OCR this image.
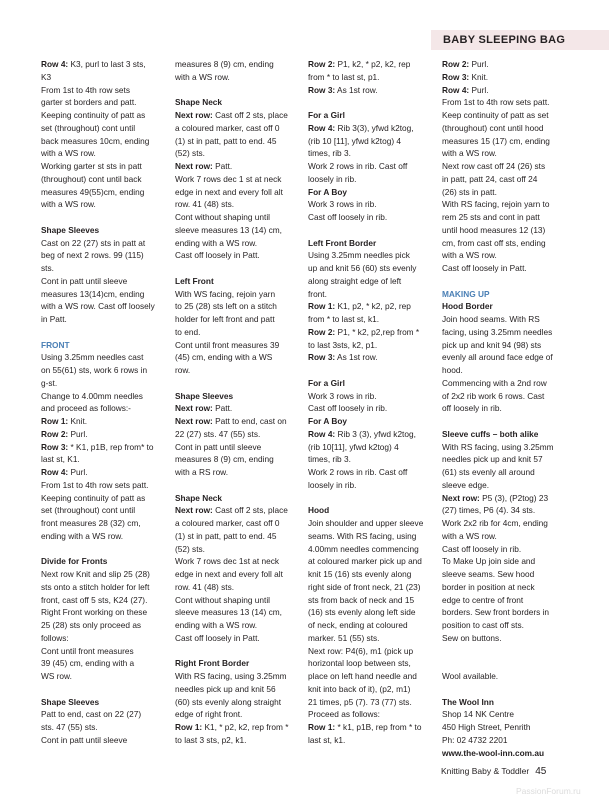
BABY SLEEPING BAG
Row 4: K3, purl to last 3 sts,
K3
From 1st to 4th row sets
garter st borders and patt.
Keeping continuity of patt as
set (throughout) cont until
back measures 10cm, ending
with a WS row.
Working garter st sts in patt
(throughout) cont until back
measures 49(55)cm, ending
with a WS row.
Shape Sleeves
Cast on 22 (27) sts in patt at
beg of next 2 rows. 99 (115)
sts.
Cont in patt until sleeve
measures 13(14)cm, ending
with a WS row. Cast off loosely
in Patt.
FRONT
Using 3.25mm needles cast
on 55(61) sts, work 6 rows in
g-st.
Change to 4.00mm needles
and proceed as follows:-
Row 1: Knit.
Row 2: Purl.
Row 3: * K1, p1B, rep from* to
last st, K1.
Row 4: Purl.
From 1st to 4th row sets patt.
Keeping continuity of patt as
set (throughout) cont until
front measures 28 (32) cm,
ending with a WS row.
Divide for Fronts
Next row Knit and slip 25 (28)
sts onto a stitch holder for left
front, cast off 5 sts, K24 (27).
Right Front working on these
25 (28) sts only proceed as
follows:
Cont until front measures
39 (45) cm, ending with a
WS row.
Shape Sleeves
Patt to end, cast on 22 (27)
sts. 47 (55) sts.
Cont in patt until sleeve
measures 8 (9) cm, ending
with a WS row.
Shape Neck
Next row: Cast off 2 sts, place
a coloured marker, cast off 0
(1) st in patt, patt to end. 45
(52) sts.
Next row: Patt.
Work 7 rows dec 1 st at neck
edge in next and every foll alt
row. 41 (48) sts.
Cont without shaping until
sleeve measures 13 (14) cm,
ending with a WS row.
Cast off loosely in Patt.
Left Front
With WS facing, rejoin yarn
to 25 (28) sts left on a stitch
holder for left front and patt
to end.
Cont until front measures 39
(45) cm, ending with a WS
row.
Shape Sleeves
Next row: Patt.
Next row: Patt to end, cast on
22 (27) sts. 47 (55) sts.
Cont in patt until sleeve
measures 8 (9) cm, ending
with a RS row.
Shape Neck
Next row: Cast off 2 sts, place
a coloured marker, cast off 0
(1) st in patt, patt to end. 45
(52) sts.
Work 7 rows dec 1st at neck
edge in next and every foll alt
row. 41 (48) sts.
Cont without shaping until
sleeve measures 13 (14) cm,
ending with a WS row.
Cast off loosely in Patt.
Right Front Border
With RS facing, using 3.25mm
needles pick up and knit 56
(60) sts evenly along straight
edge of right front.
Row 1: K1, * p2, k2, rep from *
to last 3 sts, p2, k1.
Row 2: P1, k2, * p2, k2, rep
from * to last st, p1.
Row 3: As 1st row.
For a Girl
Row 4: Rib 3(3), yfwd k2tog,
(rib 10 [11], yfwd k2tog) 4
times, rib 3.
Work 2 rows in rib. Cast off
loosely in rib.
For A Boy
Work 3 rows in rib.
Cast off loosely in rib.
Left Front Border
Using 3.25mm needles pick
up and knit 56 (60) sts evenly
along straight edge of left
front.
Row 1: K1, p2, * k2, p2, rep
from * to last st, k1.
Row 2: P1, * k2, p2,rep from *
to last 3sts, k2, p1.
Row 3: As 1st row.
For a Girl
Work 3 rows in rib.
Cast off loosely in rib.
For A Boy
Row 4: Rib 3 (3), yfwd k2tog,
(rib 10[11], yfwd k2tog) 4
times, rib 3.
Work 2 rows in rib. Cast off
loosely in rib.
Hood
Join shoulder and upper sleeve
seams. With RS facing, using
4.00mm needles commencing
at coloured marker pick up and
knit 15 (16) sts evenly along
right side of front neck, 21 (23)
sts from back of neck and 15
(16) sts evenly along left side
of neck, ending at coloured
marker. 51 (55) sts.
Next row: P4(6), m1 (pick up
horizontal loop between sts,
place on left hand needle and
knit into back of it), (p2, m1)
21 times, p5 (7). 73 (77) sts.
Proceed as follows:
Row 1: * k1, p1B, rep from * to
last st, k1.
Row 2: Purl.
Row 3: Knit.
Row 4: Purl.
From 1st to 4th row sets patt.
Keep continuity of patt as set
(throughout) cont until hood
measures 15 (17) cm, ending
with a WS row.
Next row cast off 24 (26) sts
in patt, patt 24, cast off 24
(26) sts in patt.
With RS facing, rejoin yarn to
rem 25 sts and cont in patt
until hood measures 12 (13)
cm, from cast off sts, ending
with a WS row.
Cast off loosely in Patt.
MAKING UP
Hood Border
Join hood seams. With RS
facing, using 3.25mm needles
pick up and knit 94 (98) sts
evenly all around face edge of
hood.
Commencing with a 2nd row
of 2x2 rib work 6 rows. Cast
off loosely in rib.
Sleeve cuffs – both alike
With RS facing, using 3.25mm
needles pick up and knit 57
(61) sts evenly all around
sleeve edge.
Next row: P5 (3), (P2tog) 23
(27) times, P6 (4). 34 sts.
Work 2x2 rib for 4cm, ending
with a WS row.
Cast off loosely in rib.
To Make Up join side and
sleeve seams. Sew hood
border in position at neck
edge to centre of front
borders. Sew front borders in
position to cast off sts.
Sew on buttons.
Wool available.
The Wool Inn
Shop 14 NK Centre
450 High Street, Penrith
Ph: 02 4732 2201
www.the-wool-inn.com.au
Knitting Baby & Toddler 45
PassionForum.ru
